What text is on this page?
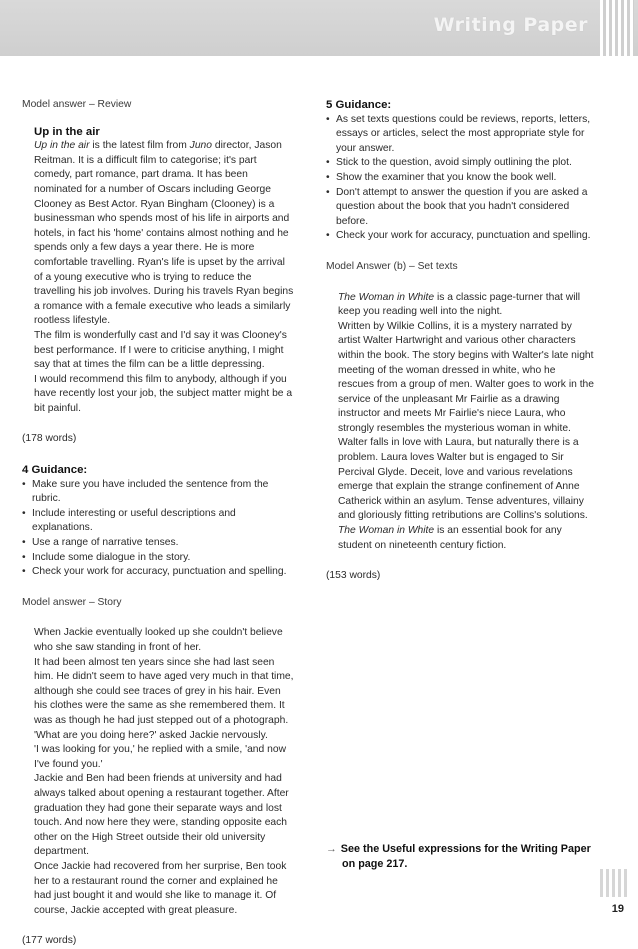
Writing Paper
Model answer – Review
Up in the air
Up in the air is the latest film from Juno director, Jason Reitman. It is a difficult film to categorise; it's part comedy, part romance, part drama. It has been nominated for a number of Oscars including George Clooney as Best Actor. Ryan Bingham (Clooney) is a businessman who spends most of his life in airports and hotels, in fact his 'home' contains almost nothing and he spends only a few days a year there. He is more comfortable travelling. Ryan's life is upset by the arrival of a young executive who is trying to reduce the travelling his job involves. During his travels Ryan begins a romance with a female executive who leads a similarly rootless lifestyle.
The film is wonderfully cast and I'd say it was Clooney's best performance. If I were to criticise anything, I might say that at times the film can be a little depressing.
I would recommend this film to anybody, although if you have recently lost your job, the subject matter might be a bit painful.
(178 words)
4 Guidance:
• Make sure you have included the sentence from the rubric.
• Include interesting or useful descriptions and explanations.
• Use a range of narrative tenses.
• Include some dialogue in the story.
• Check your work for accuracy, punctuation and spelling.
Model answer – Story
When Jackie eventually looked up she couldn't believe who she saw standing in front of her.
It had been almost ten years since she had last seen him. He didn't seem to have aged very much in that time, although she could see traces of grey in his hair. Even his clothes were the same as she remembered them. It was as though he had just stepped out of a photograph.
'What are you doing here?' asked Jackie nervously.
'I was looking for you,' he replied with a smile, 'and now I've found you.'
Jackie and Ben had been friends at university and had always talked about opening a restaurant together. After graduation they had gone their separate ways and lost touch. And now here they were, standing opposite each other on the High Street outside their old university department.
Once Jackie had recovered from her surprise, Ben took her to a restaurant round the corner and explained he had just bought it and would she like to manage it. Of course, Jackie accepted with great pleasure.
(177 words)
5 Guidance:
• As set texts questions could be reviews, reports, letters, essays or articles, select the most appropriate style for your answer.
• Stick to the question, avoid simply outlining the plot.
• Show the examiner that you know the book well.
• Don't attempt to answer the question if you are asked a question about the book that you hadn't considered before.
• Check your work for accuracy, punctuation and spelling.
Model Answer (b) – Set texts
The Woman in White is a classic page-turner that will keep you reading well into the night.
Written by Wilkie Collins, it is a mystery narrated by artist Walter Hartwright and various other characters within the book. The story begins with Walter's late night meeting of the woman dressed in white, who he rescues from a group of men. Walter goes to work in the service of the unpleasant Mr Fairlie as a drawing instructor and meets Mr Fairlie's niece Laura, who strongly resembles the mysterious woman in white. Walter falls in love with Laura, but naturally there is a problem. Laura loves Walter but is engaged to Sir Percival Glyde. Deceit, love and various revelations emerge that explain the strange confinement of Anne Catherick within an asylum. Tense adventures, villainy and gloriously fitting retributions are Collins's solutions.
The Woman in White is an essential book for any student on nineteenth century fiction.
(153 words)
→ See the Useful expressions for the Writing Paper
on page 217.
19
